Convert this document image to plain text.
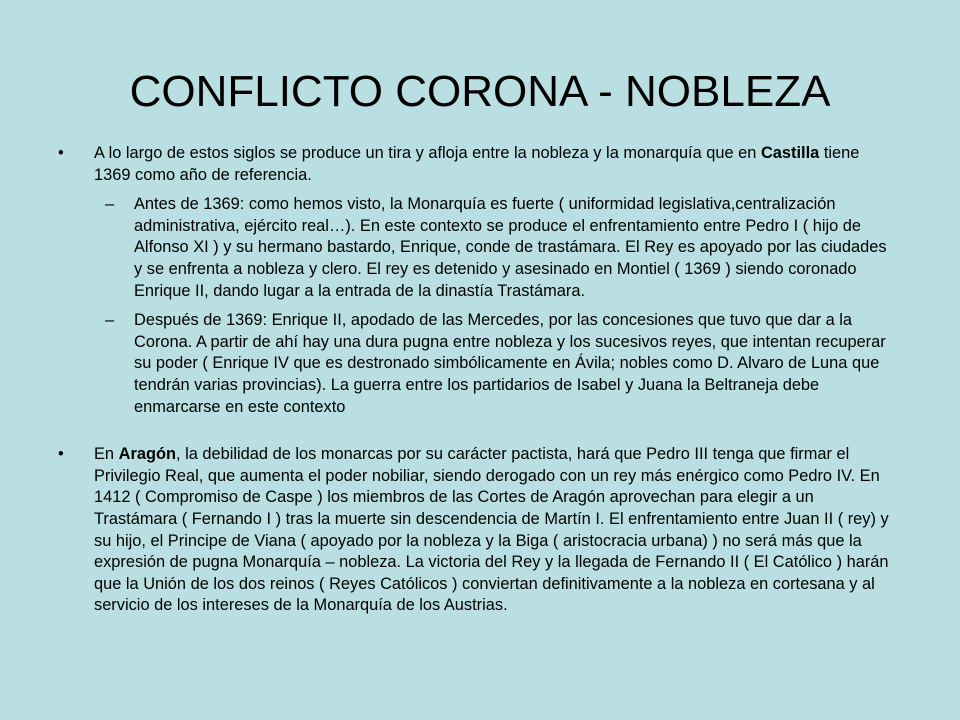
CONFLICTO CORONA - NOBLEZA
• A lo largo de estos siglos se produce un tira y afloja entre la nobleza y la monarquía que en Castilla tiene 1369 como año de referencia.
– Antes de 1369: como hemos visto, la Monarquía es fuerte ( uniformidad legislativa,centralización administrativa, ejército real…). En este contexto se produce el enfrentamiento entre Pedro I ( hijo de Alfonso XI ) y su hermano bastardo, Enrique, conde de trastámara. El Rey es apoyado por las ciudades y se enfrenta a nobleza y clero. El rey es detenido y asesinado en Montiel ( 1369 ) siendo coronado Enrique II, dando lugar a la entrada de la dinastía Trastámara.
– Después de 1369: Enrique II, apodado de las Mercedes, por las concesiones que tuvo que dar a la Corona. A partir de ahí hay una dura pugna entre nobleza y los sucesivos reyes, que intentan recuperar su poder ( Enrique IV que es destronado simbólicamente en Ávila; nobles como D. Alvaro de Luna que tendrán varias provincias). La guerra entre los partidarios de Isabel y Juana la Beltraneja debe enmarcarse en este contexto
• En Aragón, la debilidad de los monarcas por su carácter pactista, hará que Pedro III tenga que firmar el Privilegio Real, que aumenta el poder nobiliar, siendo derogado con un rey más enérgico como Pedro IV. En 1412 ( Compromiso de Caspe ) los miembros de las Cortes de Aragón aprovechan para elegir a un Trastámara ( Fernando I ) tras la muerte sin descendencia de Martín I. El enfrentamiento entre Juan II ( rey) y su hijo, el Principe de Viana ( apoyado por la nobleza y la Biga ( aristocracia urbana) ) no será más que la expresión de pugna Monarquía – nobleza. La victoria del Rey y la llegada de Fernando II ( El Católico ) harán que la Unión de los dos reinos ( Reyes Católicos ) conviertan definitivamente a la nobleza en cortesana y al servicio de los intereses de la Monarquía de los Austrias.
